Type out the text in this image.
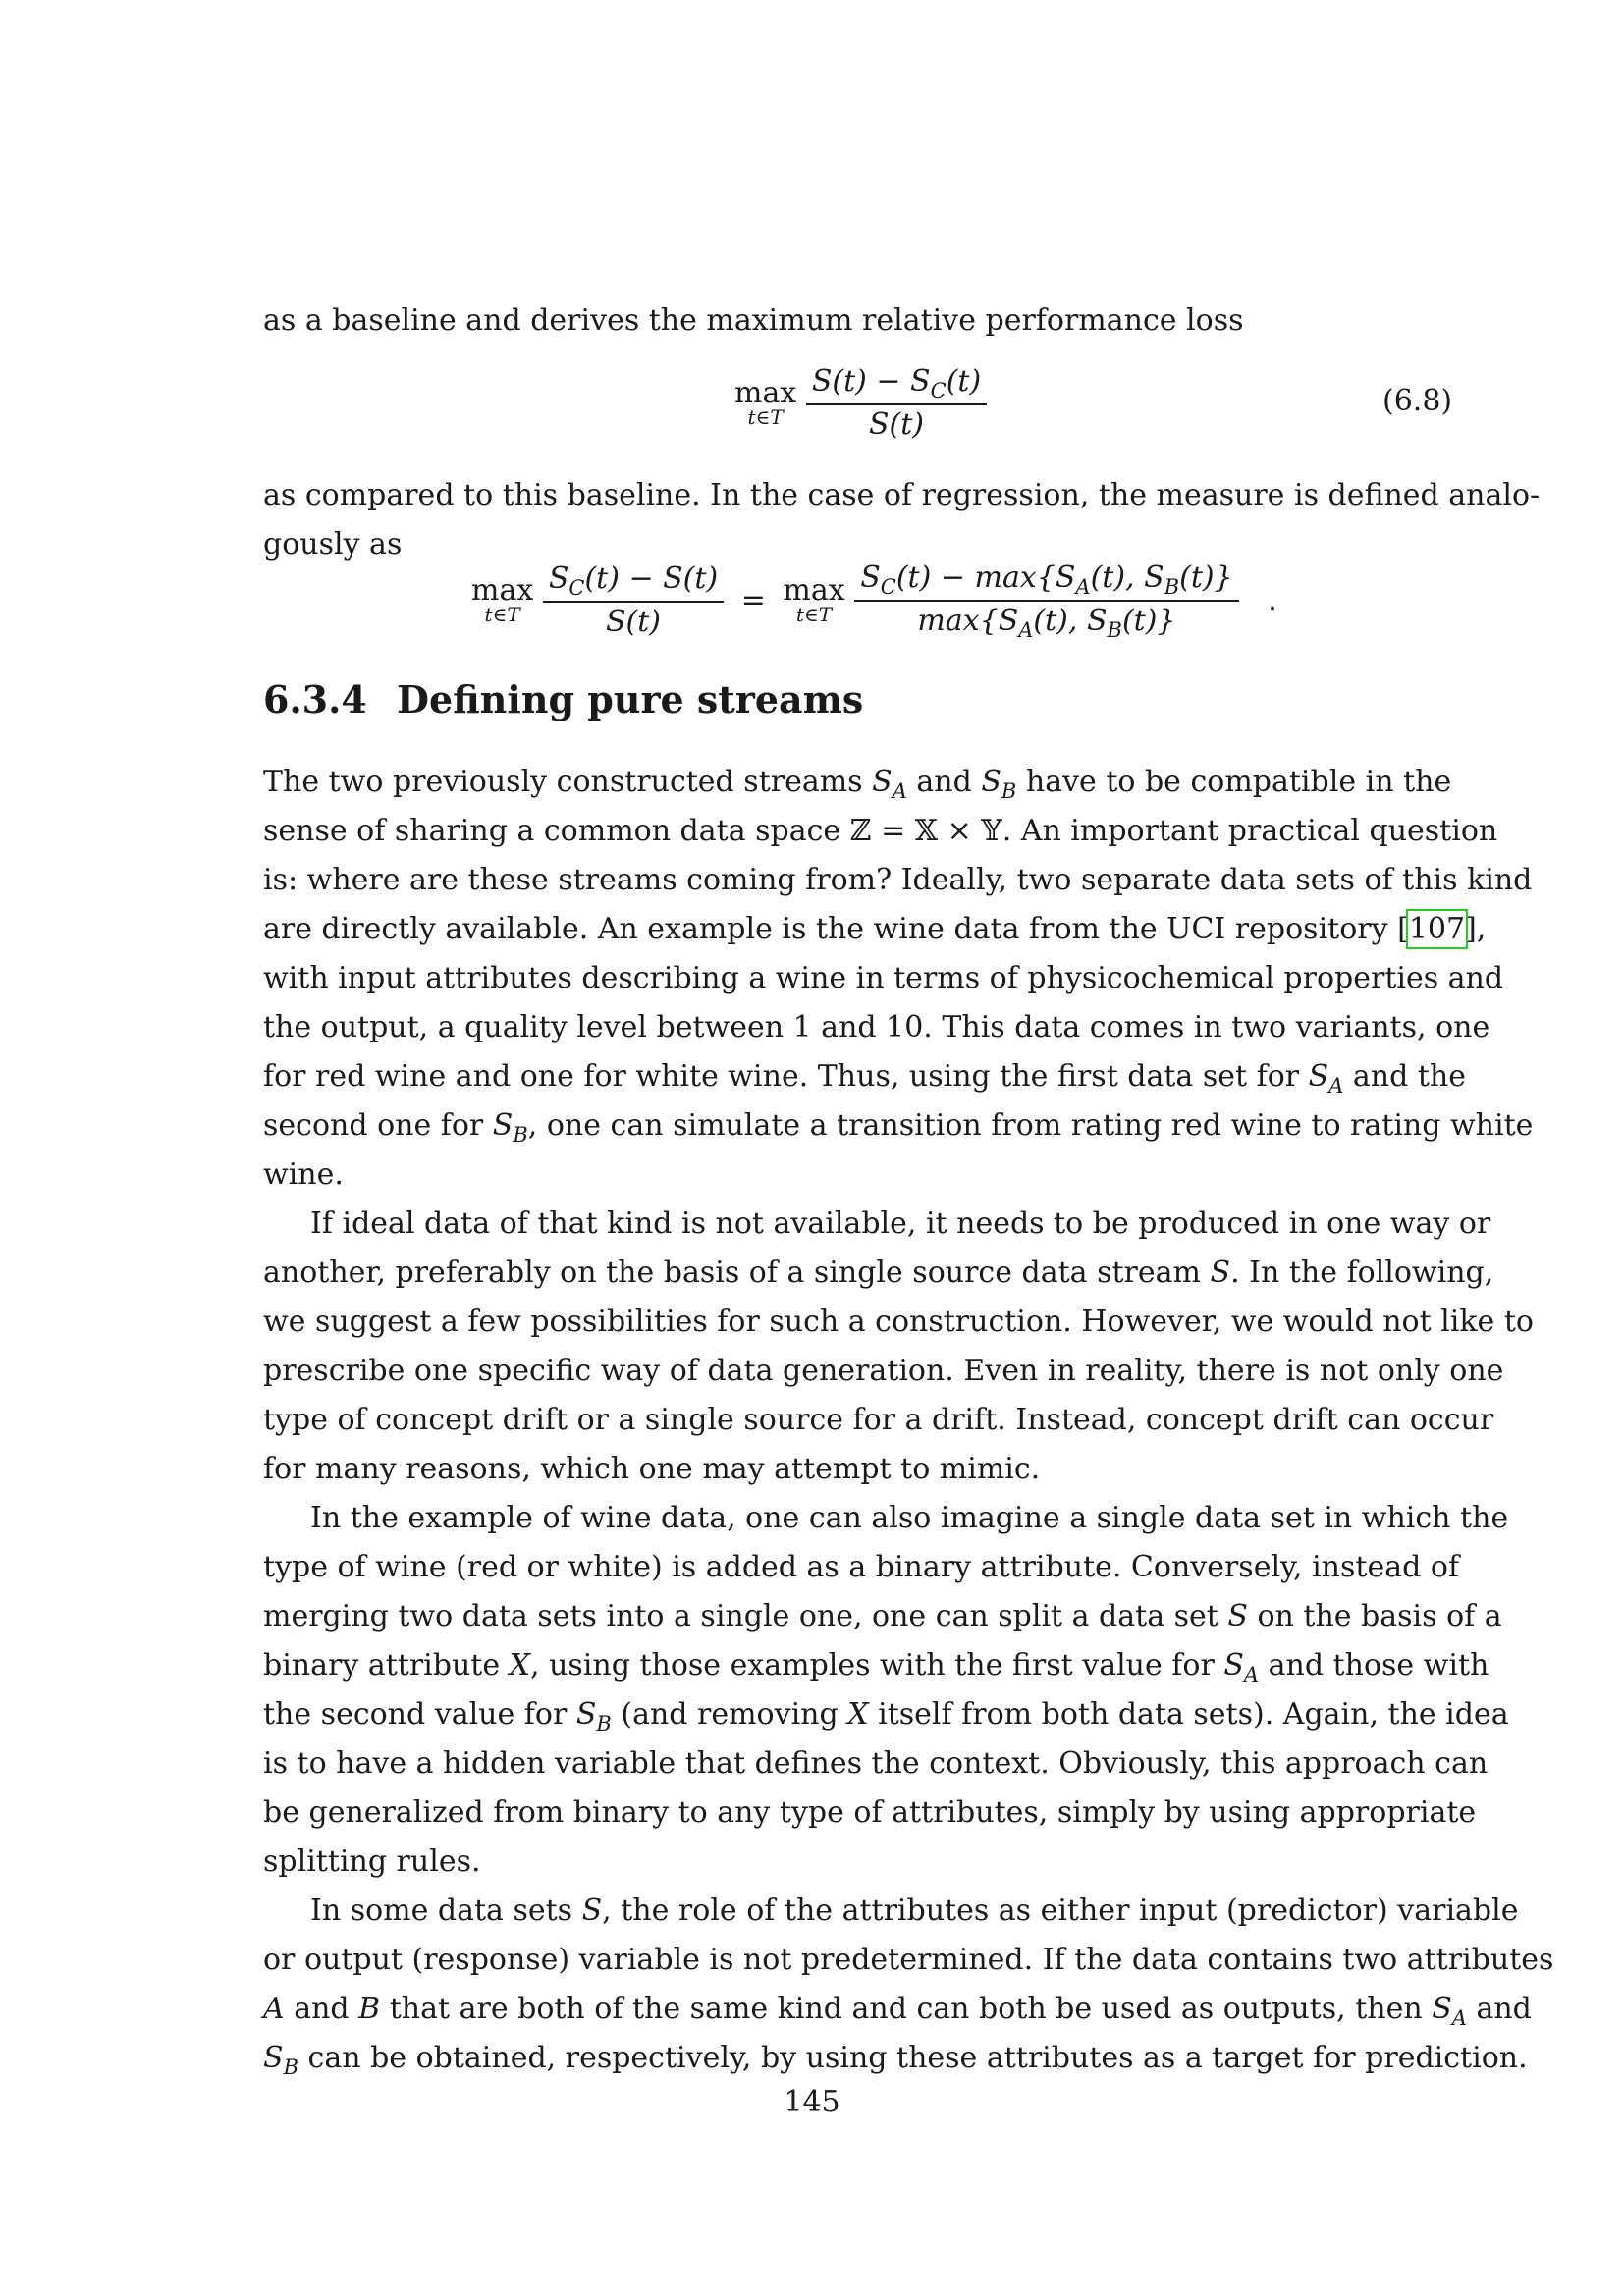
as a baseline and derives the maximum relative performance loss
max
t∈T
$\frac{S(t) - S_C(t)}{S(t)}$	(6.8)
as compared to this baseline. In the case of regression, the measure is defined analo-
gously as
max
t∈T
$\frac{S_C(t) - S(t)}{S(t)} = \max$
t∈T
$\frac{S_C(t) - \max\{S_A(t), S_B(t)\}}{\max\{S_A(t), S_B(t)\}}$ .
6.3.4 Defining pure streams
The two previously constructed streams $S_A$ and $S_B$ have to be compatible in the
sense of sharing a common data space ℤ = 𝕏 × 𝕐. An important practical question
is: where are these streams coming from? Ideally, two separate data sets of this kind
are directly available. An example is the wine data from the UCI repository [107],
with input attributes describing a wine in terms of physicochemical properties and
the output, a quality level between 1 and 10. This data comes in two variants, one
for red wine and one for white wine. Thus, using the first data set for $S_A$ and the
second one for $S_B$, one can simulate a transition from rating red wine to rating white
wine.
If ideal data of that kind is not available, it needs to be produced in one way or
another, preferably on the basis of a single source data stream S. In the following,
we suggest a few possibilities for such a construction. However, we would not like to
prescribe one specific way of data generation. Even in reality, there is not only one
type of concept drift or a single source for a drift. Instead, concept drift can occur
for many reasons, which one may attempt to mimic.
In the example of wine data, one can also imagine a single data set in which the
type of wine (red or white) is added as a binary attribute. Conversely, instead of
merging two data sets into a single one, one can split a data set S on the basis of a
binary attribute X, using those examples with the first value for $S_A$ and those with
the second value for $S_B$ (and removing X itself from both data sets). Again, the idea
is to have a hidden variable that defines the context. Obviously, this approach can
be generalized from binary to any type of attributes, simply by using appropriate
splitting rules.
In some data sets S, the role of the attributes as either input (predictor) variable
or output (response) variable is not predetermined. If the data contains two attributes
A and B that are both of the same kind and can both be used as outputs, then $S_A$ and
$S_B$ can be obtained, respectively, by using these attributes as a target for prediction.
145
